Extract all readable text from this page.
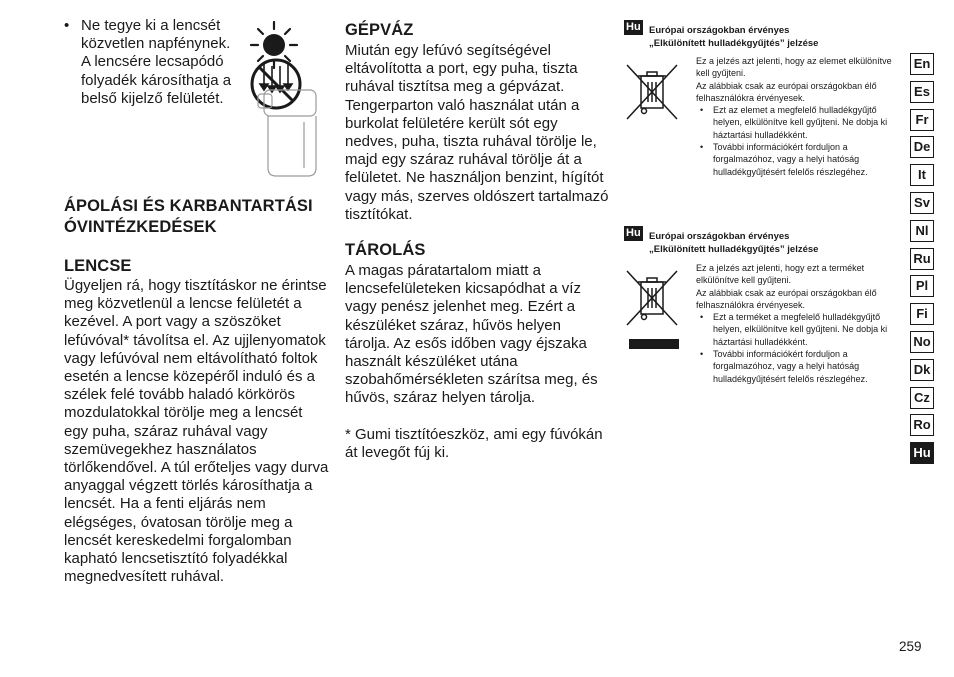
• Ne tegye ki a lencsét közvetlen napfénynek. A lencsére lecsapódó folyadék károsíthatja a belső kijelző felületét.
ÁPOLÁSI ÉS KARBANTARTÁSI ÓVINTÉZKEDÉSEK
LENCSE
Ügyeljen rá, hogy tisztításkor ne érintse meg közvetlenül a lencse felületét a kezével. A port vagy a szöszöket lefúvóval* távolítsa el. Az ujjlenyomatok vagy lefúvóval nem eltávolítható foltok esetén a lencse közepéről induló és a szélek felé tovább haladó körkörös mozdulatokkal törölje meg a lencsét egy puha, száraz ruhával vagy szemüvegekhez használatos törlőkendővel. A túl erőteljes vagy durva anyaggal végzett törlés károsíthatja a lencsét. Ha a fenti eljárás nem elégséges, óvatosan törölje meg a lencsét kereskedelmi forgalomban kapható lencsetisztító folyadékkal megnedvesített ruhával.
GÉPVÁZ
Miután egy lefúvó segítségével eltávolította a port, egy puha, tiszta ruhával tisztítsa meg a gépvázat. Tengerparton való használat után a burkolat felületére került sót egy nedves, puha, tiszta ruhával törölje le, majd egy száraz ruhával törölje át a felületet. Ne használjon benzint, hígítót vagy más, szerves oldószert tartalmazó tisztítókat.
TÁROLÁS
A magas páratartalom miatt a lencsefelületeken kicsapódhat a víz vagy penész jelenhet meg. Ezért a készüléket száraz, hűvös helyen tárolja. Az esős időben vagy éjszaka használt készüléket utána szobahőmérsékleten szárítsa meg, és hűvös, száraz helyen tárolja.
* Gumi tisztítóeszköz, ami egy fúvókán át levegőt fúj ki.
Hu Európai országokban érvényes
„Elkülönített hulladékgyűjtés” jelzése
Ez a jelzés azt jelenti, hogy az elemet elkülönítve kell gyűjteni.
Az alábbiak csak az európai országokban élő felhasználókra érvényesek.
• Ezt az elemet a megfelelő hulladékgyűjtő helyen, elkülönítve kell gyűjteni. Ne dobja ki háztartási hulladékként.
• További információkért forduljon a forgalmazóhoz, vagy a helyi hatóság hulladékgyűjtésért felelős részlegéhez.
Hu Európai országokban érvényes
„Elkülönített hulladékgyűjtés” jelzése
Ez a jelzés azt jelenti, hogy ezt a terméket elkülönítve kell gyűjteni.
Az alábbiak csak az európai országokban élő felhasználókra érvényesek.
• Ezt a terméket a megfelelő hulladékgyűjtő helyen, elkülönítve kell gyűjteni. Ne dobja ki háztartási hulladékként.
• További információkért forduljon a forgalmazóhoz, vagy a helyi hatóság hulladékgyűjtésért felelős részlegéhez.
En
Es
Fr
De
It
Sv
Nl
Ru
Pl
Fi
No
Dk
Cz
Ro
Hu
259
